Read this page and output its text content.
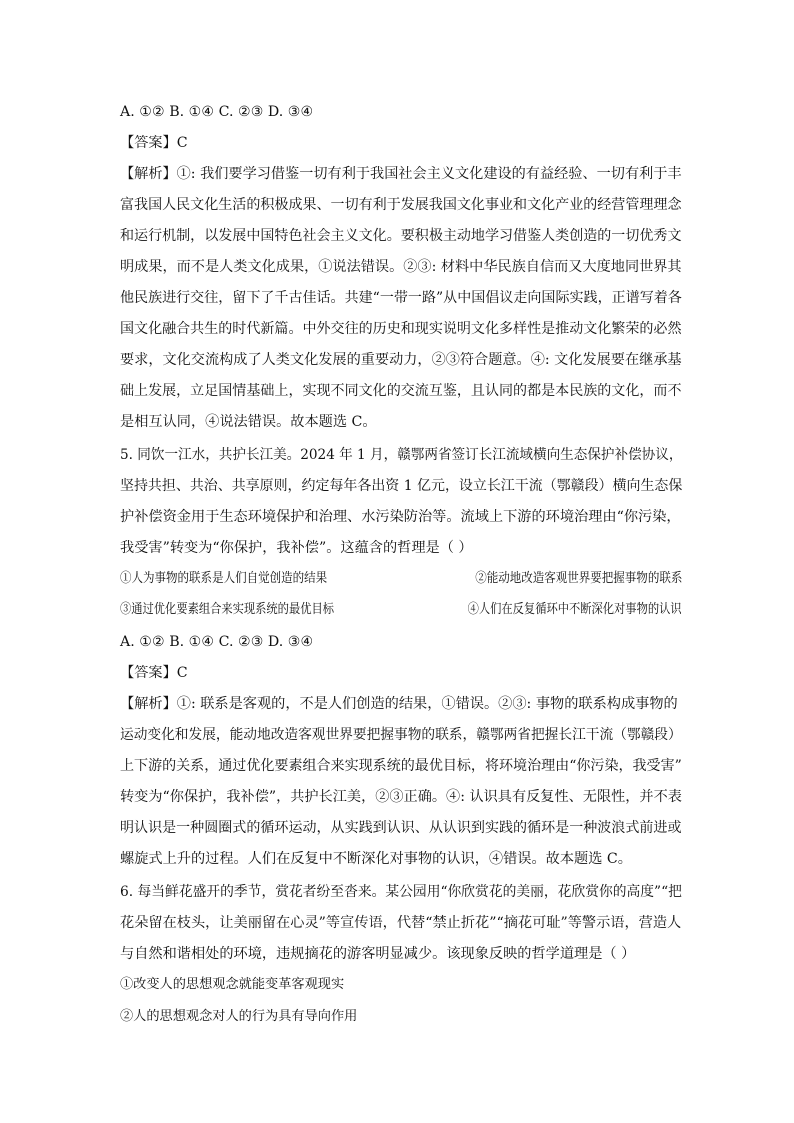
A. ①② B. ①④ C. ②③ D. ③④
【答案】C
【解析】①: 我们要学习借鉴一切有利于我国社会主义文化建设的有益经验、一切有利于丰
富我国人民文化生活的积极成果、一切有利于发展我国文化事业和文化产业的经营管理理念
和运行机制，以发展中国特色社会主义文化。要积极主动地学习借鉴人类创造的一切优秀文
明成果，而不是人类文化成果，①说法错误。②③: 材料中华民族自信而又大度地同世界其
他民族进行交往，留下了千古佳话。共建“一带一路”从中国倡议走向国际实践，正谱写着各
国文化融合共生的时代新篇。中外交往的历史和现实说明文化多样性是推动文化繁荣的必然
要求，文化交流构成了人类文化发展的重要动力，②③符合题意。④: 文化发展要在继承基
础上发展，立足国情基础上，实现不同文化的交流互鉴，且认同的都是本民族的文化，而不
是相互认同，④说法错误。故本题选 C。
5. 同饮一江水，共护长江美。2024 年 1 月，赣鄂两省签订长江流域横向生态保护补偿协议，
坚持共担、共治、共享原则，约定每年各出资 1 亿元，设立长江干流（鄂赣段）横向生态保
护补偿资金用于生态环境保护和治理、水污染防治等。流域上下游的环境治理由“你污染，
我受害”转变为“你保护，我补偿”。这蕴含的哲理是（ ）
①人为事物的联系是人们自觉创造的结果	②能动地改造客观世界要把握事物的联系
③通过优化要素组合来实现系统的最优目标	④人们在反复循环中不断深化对事物的认识
A. ①② B. ①④ C. ②③ D. ③④
【答案】C
【解析】①: 联系是客观的，不是人们创造的结果，①错误。②③: 事物的联系构成事物的
运动变化和发展，能动地改造客观世界要把握事物的联系，赣鄂两省把握长江干流（鄂赣段）
上下游的关系，通过优化要素组合来实现系统的最优目标，将环境治理由“你污染，我受害”
转变为“你保护，我补偿”，共护长江美，②③正确。④: 认识具有反复性、无限性，并不表
明认识是一种圆圈式的循环运动，从实践到认识、从认识到实践的循环是一种波浪式前进或
螺旋式上升的过程。人们在反复中不断深化对事物的认识，④错误。故本题选 C。
6. 每当鲜花盛开的季节，赏花者纷至沓来。某公园用“你欣赏花的美丽，花欣赏你的高度”“把
花朵留在枝头，让美丽留在心灵”等宣传语，代替“禁止折花”“摘花可耻”等警示语，营造人
与自然和谐相处的环境，违规摘花的游客明显减少。该现象反映的哲学道理是（ ）
①改变人的思想观念就能变革客观现实
②人的思想观念对人的行为具有导向作用
